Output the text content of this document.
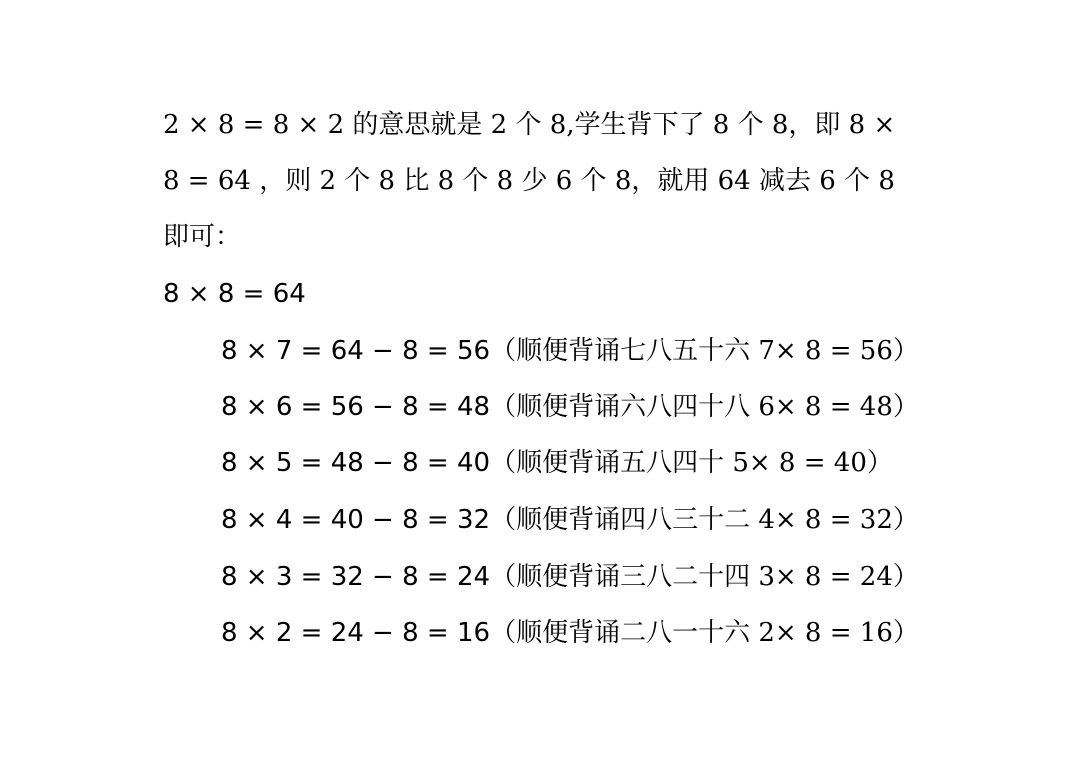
2 × 8 = 8 × 2 的意思就是 2 个 8,学生背下了 8 个 8，即 8 ×
8 = 64 ，则 2 个 8 比 8 个 8 少 6 个 8，就用 64 减去 6 个 8
即可：
8 × 8 = 64
8 × 7 = 64 − 8 = 56（顺便背诵七八五十六 7× 8 = 56）
8 × 6 = 56 − 8 = 48（顺便背诵六八四十八 6× 8 = 48）
8 × 5 = 48 − 8 = 40（顺便背诵五八四十 5× 8 = 40）
8 × 4 = 40 − 8 = 32（顺便背诵四八三十二 4× 8 = 32）
8 × 3 = 32 − 8 = 24（顺便背诵三八二十四 3× 8 = 24）
8 × 2 = 24 − 8 = 16（顺便背诵二八一十六 2× 8 = 16）
